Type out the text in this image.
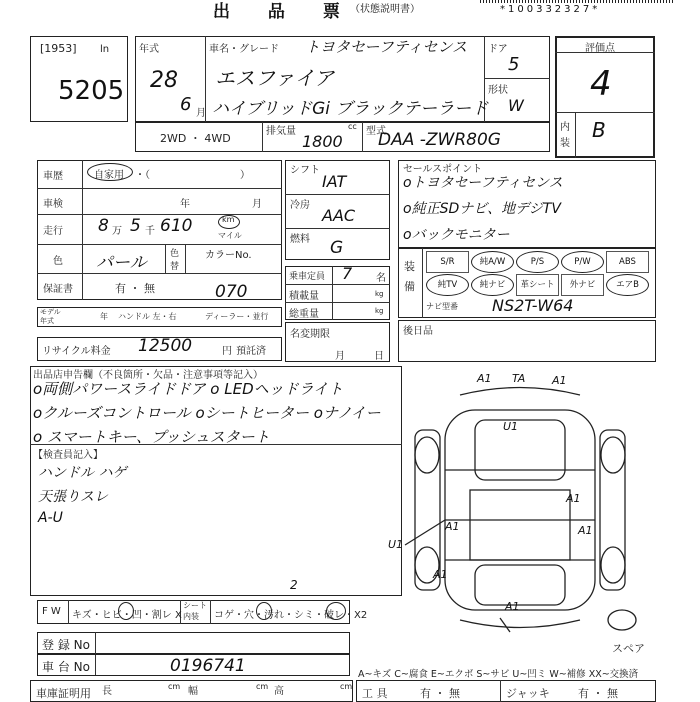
出 品 票
（状態説明書）	*100332327*
[1953] ln
5205
年式
28
6 月
車名・グレード トヨタセーフティセンス
エスファイア
ハイブリッドGi ブラックテーラード
ドア
5
形状
W
評価点
4
内
装
B
2WD ・ 4WD
排気量	cc
1800
型式
DAA -ZWR80G
車歴	自家用 ・（　　　　　　　　　）
車検	年	月
走行 8 万 5 千 610	km
マイル
色 パール	色
替
カラーNo.
070
保証書	有 ・ 無
モデル
年式	年 ハンドル 左・右	ディーラー・並行
リサイクル料金 12500	円 預託済
シフト
IAT
冷房
AAC
燃料 G
乗車定員 7 名
積載量	kg
総重量	kg
名変期限
月	日
セールスポイント
oトヨタセーフティセンス
o純正SDナビ、地デジTV
oバックモニター
装
備
S/R	純A/W	P/S	P/W	ABS
純TV	純ナビ	革シート	外ナビ	エアB
ナビ型番 NS2T-W64
後日品
出品店申告欄（不良箇所・欠品・注意事項等記入）
o両側パワースライドドア o LEDヘッドライト
oクルーズコントロール oシートヒーター oナノイー
o スマートキー、プッシュスタート
【検査員記入】
ハンドル ハゲ
天張りスレ
A-U
F W キズ・ヒビ・凹・割レ X
シート
内装 コゲ・穴・汚れ・シミ・破レ・X2
2
登 録 No
車 台 No	0196741
車庫証明用 長	cm 幅	cm 高	cm
A~キズ C~腐食 E~エクボ S~サビ U~凹ミ W~補修 XX~交換済
工 具	有 ・ 無	ジャッキ	有 ・ 無
A1 TA A1
U1
A1
A1	A1
A1
A1
U1
スペア
